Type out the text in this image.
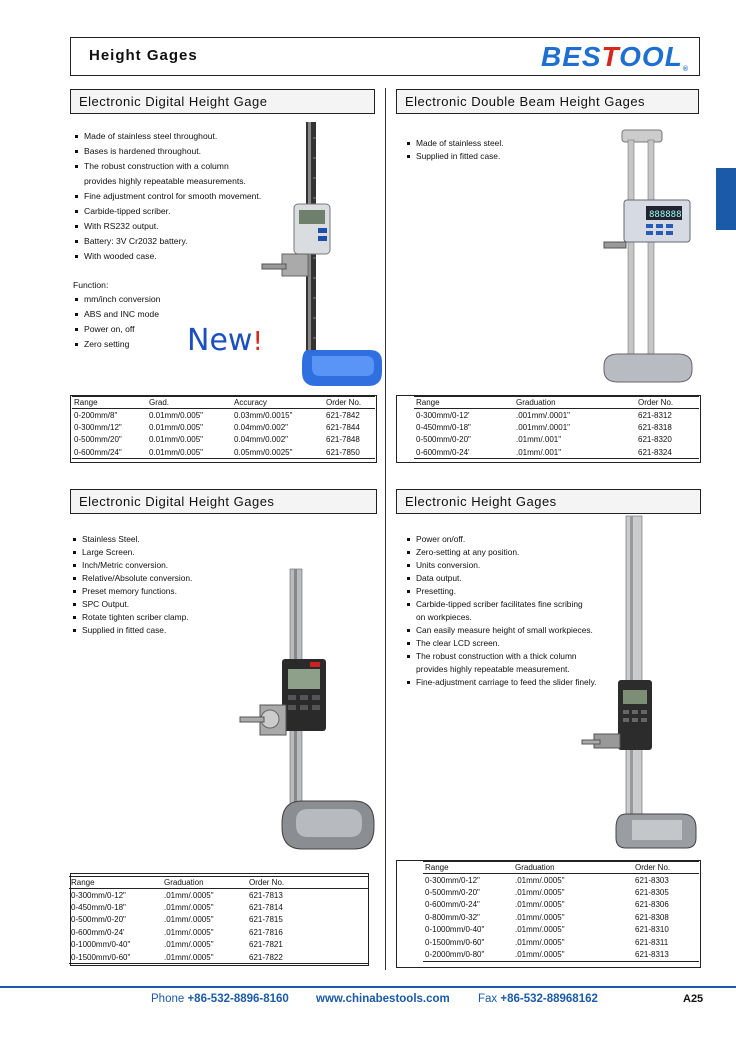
Height Gages	BESTOOL®
Electronic Digital Height Gage
Made of stainless steel throughout.
Bases is hardened throughout.
The robust construction with a column
provides highly repeatable measurements.
Fine adjustment control for smooth movement.
Carbide-tipped scriber.
With RS232 output.
Battery: 3V Cr2032 battery.
With wooded case.
Function:
mm/inch conversion
ABS and INC mode
Power on, off
Zero setting	New!
Range	Grad.	Accuracy	Order No.
0-200mm/8"	0.01mm/0.005"	0.03mm/0.0015"	621-7842
0-300mm/12"	0.01mm/0.005"	0.04mm/0.002"	621-7844
0-500mm/20"	0.01mm/0.005"	0.04mm/0.002"	621-7848
0-600mm/24"	0.01mm/0.005"	0.05mm/0.0025"	621-7850
Electronic Double Beam Height Gages
Made of stainless steel.
Supplied in fitted case.
888888
Range	Graduation	Order No.
0-300mm/0-12'	.001mm/.0001"	621-8312
0-450mm/0-18"	.001mm/.0001"	621-8318
0-500mm/0-20"	.01mm/.001"	621-8320
0-600mm/0-24'	.01mm/.001"	621-8324
Electronic Digital Height Gages
Stainless Steel.
Large Screen.
Inch/Metric conversion.
Relative/Absolute conversion.
Preset memory functions.
SPC Output.
Rotate tighten scriber clamp.
Supplied in fitted case.
Range	Graduation	Order No.
0-300mm/0-12"	.01mm/.0005"	621-7813
0-450mm/0-18"	.01mm/.0005"	621-7814
0-500mm/0-20"	.01mm/.0005"	621-7815
0-600mm/0-24'	.01mm/.0005"	621-7816
0-1000mm/0-40"	.01mm/.0005"	621-7821
0-1500mm/0-60"	.01mm/.0005"	621-7822
Electronic Height Gages
Power on/off.
Zero-setting at any position.
Units conversion.
Data output.
Presetting.
Carbide-tipped scriber facilitates fine scribing
on workpieces.
Can easily measure height of small workpieces.
The clear LCD screen.
The robust construction with a thick column
provides highly repeatable measurement.
Fine-adjustment carriage to feed the slider finely.
Range	Graduation	Order No.
0-300mm/0-12"	.01mm/.0005"	621-8303
0-500mm/0-20"	.01mm/.0005"	621-8305
0-600mm/0-24"	.01mm/.0005"	621-8306
0-800mm/0-32"	.01mm/.0005"	621-8308
0-1000mm/0-40"	.01mm/.0005"	621-8310
0-1500mm/0-60"	.01mm/.0005"	621-8311
0-2000mm/0-80"	.01mm/.0005"	621-8313
Phone +86-532-8896-8160 www.chinabestools.com Fax +86-532-88968162	A25
